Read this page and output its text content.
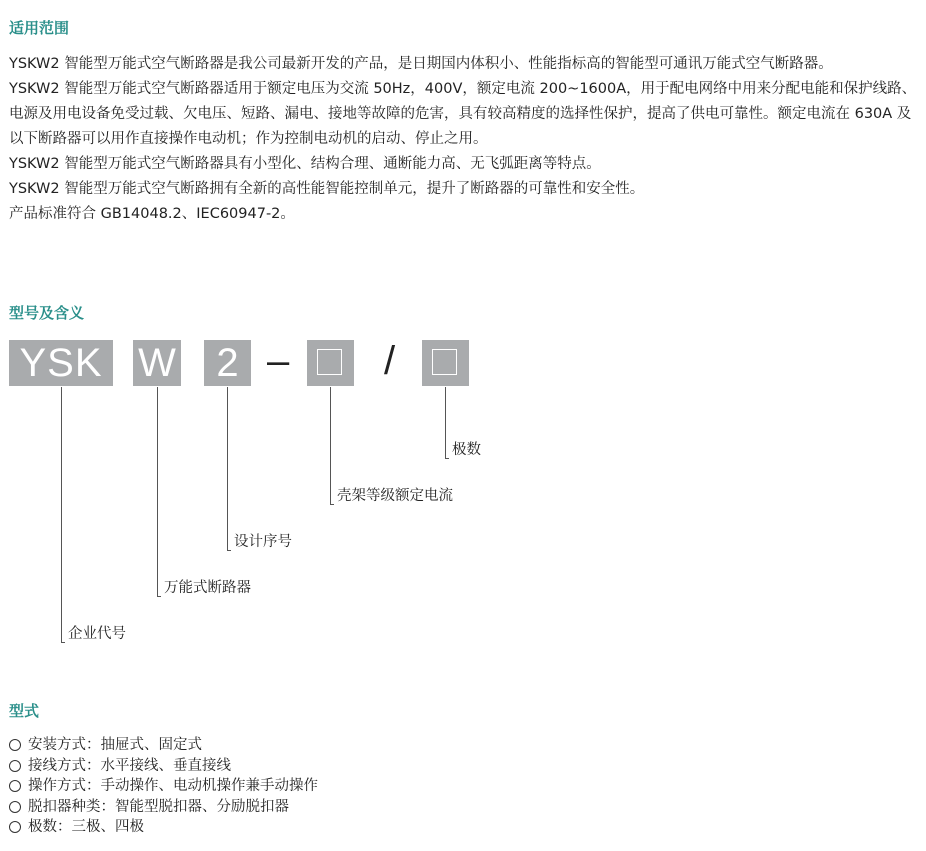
适用范围

YSKW2 智能型万能式空气断路器是我公司最新开发的产品，是日期国内体积小、性能指标高的智能型可通讯万能式空气断路器。

YSKW2 智能型万能式空气断路器适用于额定电压为交流 50Hz，400V，额定电流 200~1600A，用于配电网络中用来分配电能和保护线路、电源及用电设备免受过载、欠电压、短路、漏电、接地等故障的危害，具有较高精度的选择性保护，提高了供电可靠性。额定电流在 630A 及以下断路器可以用作直接操作电动机；作为控制电动机的启动、停止之用。

YSKW2 智能型万能式空气断路器具有小型化、结构合理、通断能力高、无飞弧距离等特点。

YSKW2 智能型万能式空气断路拥有全新的高性能智能控制单元，提升了断路器的可靠性和安全性。

产品标准符合 GB14048.2、IEC60947-2。

型号及含义
YSK W	2 – /
极数
壳架等级额定电流
设计序号
万能式断路器
企业代号
型式
安装方式：抽屉式、固定式
接线方式：水平接线、垂直接线
操作方式：手动操作、电动机操作兼手动操作
脱扣器种类：智能型脱扣器、分励脱扣器
极数：三极、四极
